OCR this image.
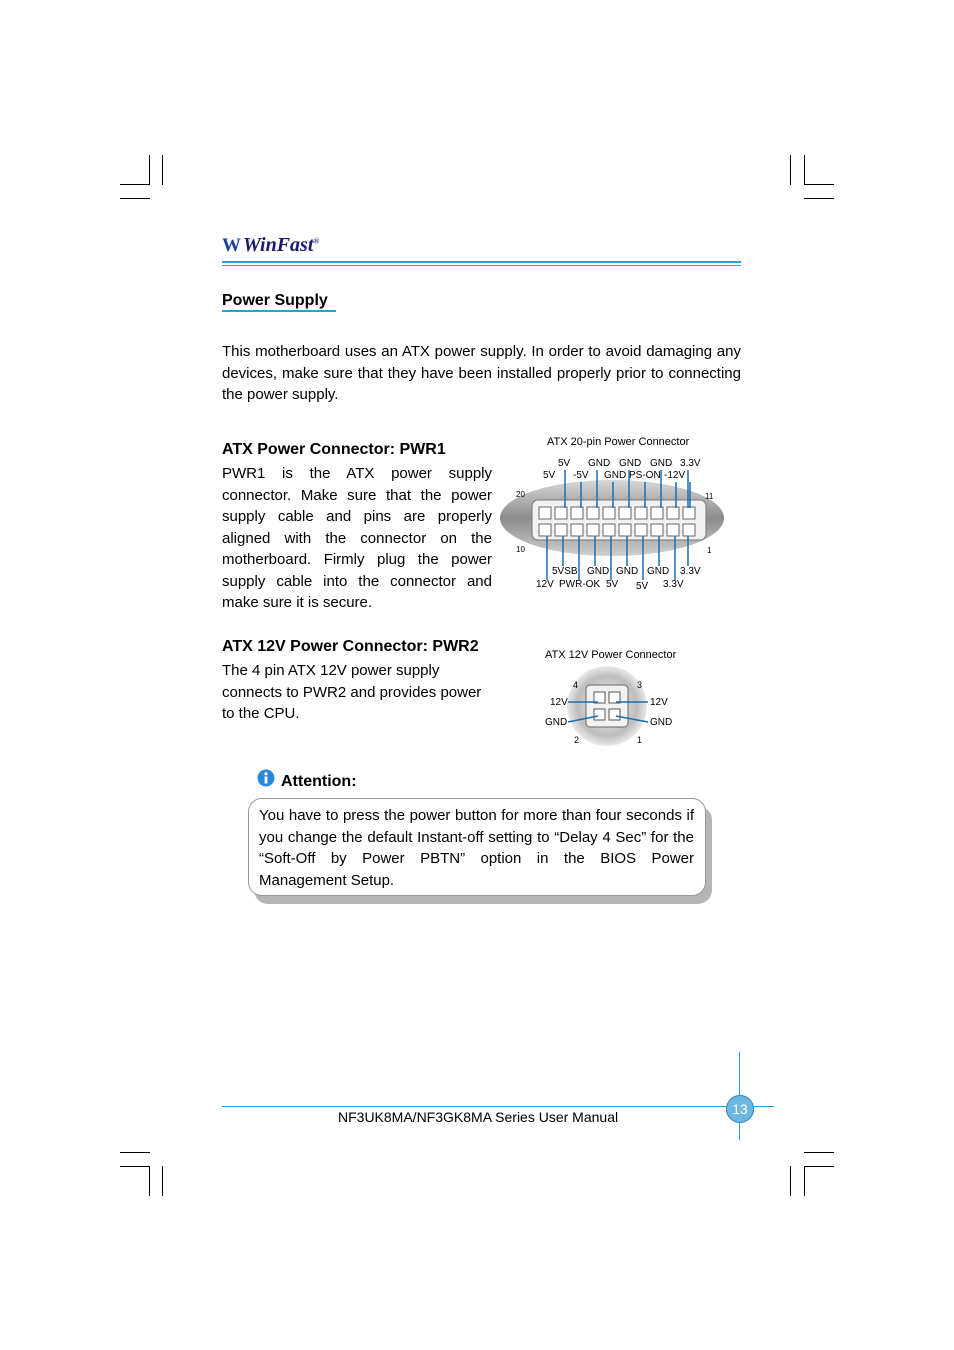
W WinFast®
Power Supply
This motherboard uses an ATX power supply. In order to avoid damaging any devices, make sure that they have been installed properly prior to connecting the power supply.
ATX Power Connector: PWR1
PWR1 is the ATX power supply connector. Make sure that the power supply cable and pins are properly aligned with the connector on the motherboard. Firmly plug the power supply cable into the connector and make sure it is secure.
ATX 20-pin Power Connector
5V GND GND GND 3.3V
5V -5V GND PS-ON -12V
20	11
10	1
5VSB GND GND GND 3.3V
12V PWR-OK 5V 5V 3.3V
ATX 12V Power Connector: PWR2
The 4 pin ATX 12V power supply connects to PWR2 and provides power to the CPU.
ATX 12V Power Connector
4	3
12V	12V
GND	GND
2	1
Attention:
You have to press the power button for more than four seconds if you change the default Instant-off setting to “Delay 4 Sec” for the “Soft-Off by Power PBTN” option in the BIOS Power Management Setup.
13
NF3UK8MA/NF3GK8MA Series User Manual
